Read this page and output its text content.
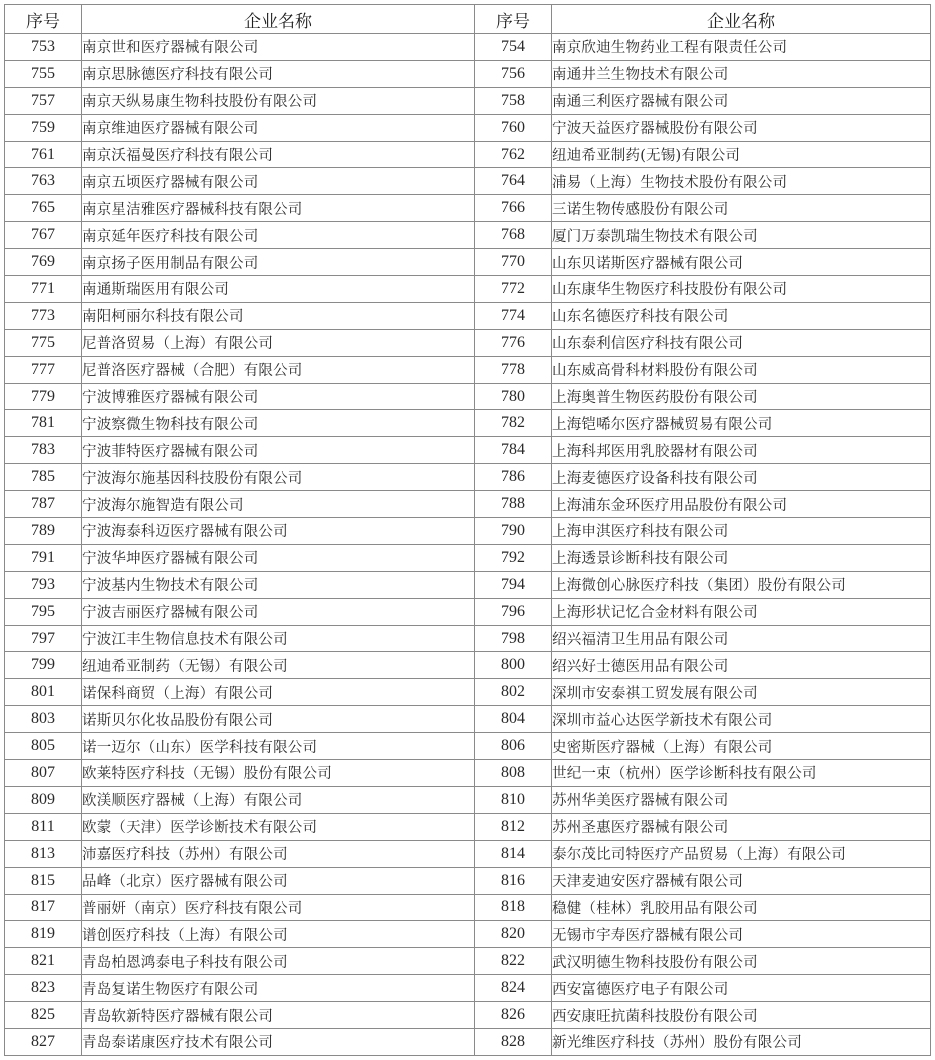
序号	企业名称	序号	企业名称
753	南京世和医疗器械有限公司	754	南京欣迪生物药业工程有限责任公司
755	南京思脉德医疗科技有限公司	756	南通井兰生物技术有限公司
757	南京天纵易康生物科技股份有限公司	758	南通三利医疗器械有限公司
759	南京维迪医疗器械有限公司	760	宁波天益医疗器械股份有限公司
761	南京沃福曼医疗科技有限公司	762	纽迪希亚制药(无锡)有限公司
763	南京五顷医疗器械有限公司	764	浦易（上海）生物技术股份有限公司
765	南京星洁雅医疗器械科技有限公司	766	三诺生物传感股份有限公司
767	南京延年医疗科技有限公司	768	厦门万泰凯瑞生物技术有限公司
769	南京扬子医用制品有限公司	770	山东贝诺斯医疗器械有限公司
771	南通斯瑞医用有限公司	772	山东康华生物医疗科技股份有限公司
773	南阳柯丽尔科技有限公司	774	山东名德医疗科技有限公司
775	尼普洛贸易（上海）有限公司	776	山东泰利信医疗科技有限公司
777	尼普洛医疗器械（合肥）有限公司	778	山东威高骨科材料股份有限公司
779	宁波博雅医疗器械有限公司	780	上海奥普生物医药股份有限公司
781	宁波察微生物科技有限公司	782	上海铠唏尔医疗器械贸易有限公司
783	宁波菲特医疗器械有限公司	784	上海科邦医用乳胶器材有限公司
785	宁波海尔施基因科技股份有限公司	786	上海麦德医疗设备科技有限公司
787	宁波海尔施智造有限公司	788	上海浦东金环医疗用品股份有限公司
789	宁波海泰科迈医疗器械有限公司	790	上海申淇医疗科技有限公司
791	宁波华坤医疗器械有限公司	792	上海透景诊断科技有限公司
793	宁波基内生物技术有限公司	794	上海微创心脉医疗科技（集团）股份有限公司
795	宁波吉丽医疗器械有限公司	796	上海形状记忆合金材料有限公司
797	宁波江丰生物信息技术有限公司	798	绍兴福清卫生用品有限公司
799	纽迪希亚制药（无锡）有限公司	800	绍兴好士德医用品有限公司
801	诺保科商贸（上海）有限公司	802	深圳市安泰祺工贸发展有限公司
803	诺斯贝尔化妆品股份有限公司	804	深圳市益心达医学新技术有限公司
805	诺一迈尔（山东）医学科技有限公司	806	史密斯医疗器械（上海）有限公司
807	欧莱特医疗科技（无锡）股份有限公司	808	世纪一束（杭州）医学诊断科技有限公司
809	欧渼顺医疗器械（上海）有限公司	810	苏州华美医疗器械有限公司
811	欧蒙（天津）医学诊断技术有限公司	812	苏州圣惠医疗器械有限公司
813	沛嘉医疗科技（苏州）有限公司	814	泰尔茂比司特医疗产品贸易（上海）有限公司
815	品峰（北京）医疗器械有限公司	816	天津麦迪安医疗器械有限公司
817	普丽妍（南京）医疗科技有限公司	818	稳健（桂林）乳胶用品有限公司
819	谱创医疗科技（上海）有限公司	820	无锡市宇寿医疗器械有限公司
821	青岛柏恩鸿泰电子科技有限公司	822	武汉明德生物科技股份有限公司
823	青岛复诺生物医疗有限公司	824	西安富德医疗电子有限公司
825	青岛软新特医疗器械有限公司	826	西安康旺抗菌科技股份有限公司
827	青岛泰诺康医疗技术有限公司	828	新光维医疗科技（苏州）股份有限公司
